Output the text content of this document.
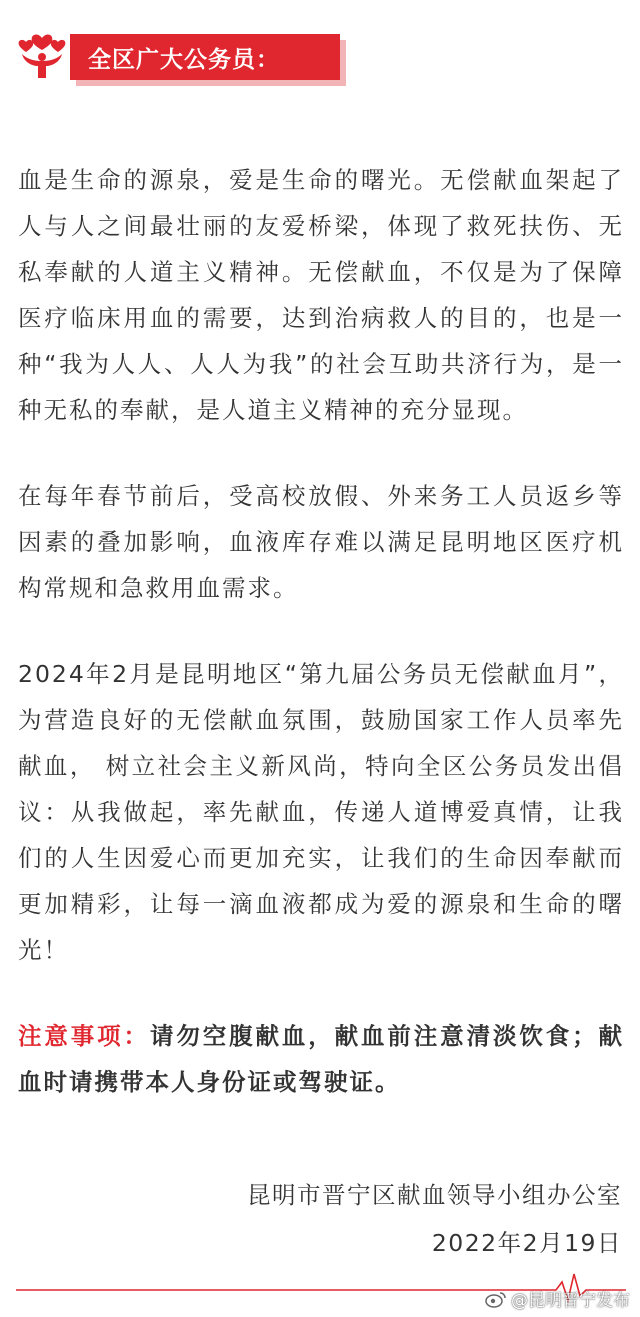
全区广大公务员：

血是生命的源泉，爱是生命的曙光。无偿献血架起了人与人之间最壮丽的友爱桥梁，体现了救死扶伤、无私奉献的人道主义精神。无偿献血，不仅是为了保障医疗临床用血的需要，达到治病救人的目的，也是一种“我为人人、人人为我”的社会互助共济行为，是一种无私的奉献，是人道主义精神的充分显现。

在每年春节前后，受高校放假、外来务工人员返乡等因素的叠加影响，血液库存难以满足昆明地区医疗机构常规和急救用血需求。

2024年2月是昆明地区“第九届公务员无偿献血月”，为营造良好的无偿献血氛围，鼓励国家工作人员率先献血， 树立社会主义新风尚，特向全区公务员发出倡议：从我做起，率先献血，传递人道博爱真情，让我们的人生因爱心而更加充实，让我们的生命因奉献而更加精彩，让每一滴血液都成为爱的源泉和生命的曙光！

注意事项：请勿空腹献血，献血前注意清淡饮食；献血时请携带本人身份证或驾驶证。

昆明市晋宁区献血领导小组办公室
2022年2月19日
@昆明晋宁发布
